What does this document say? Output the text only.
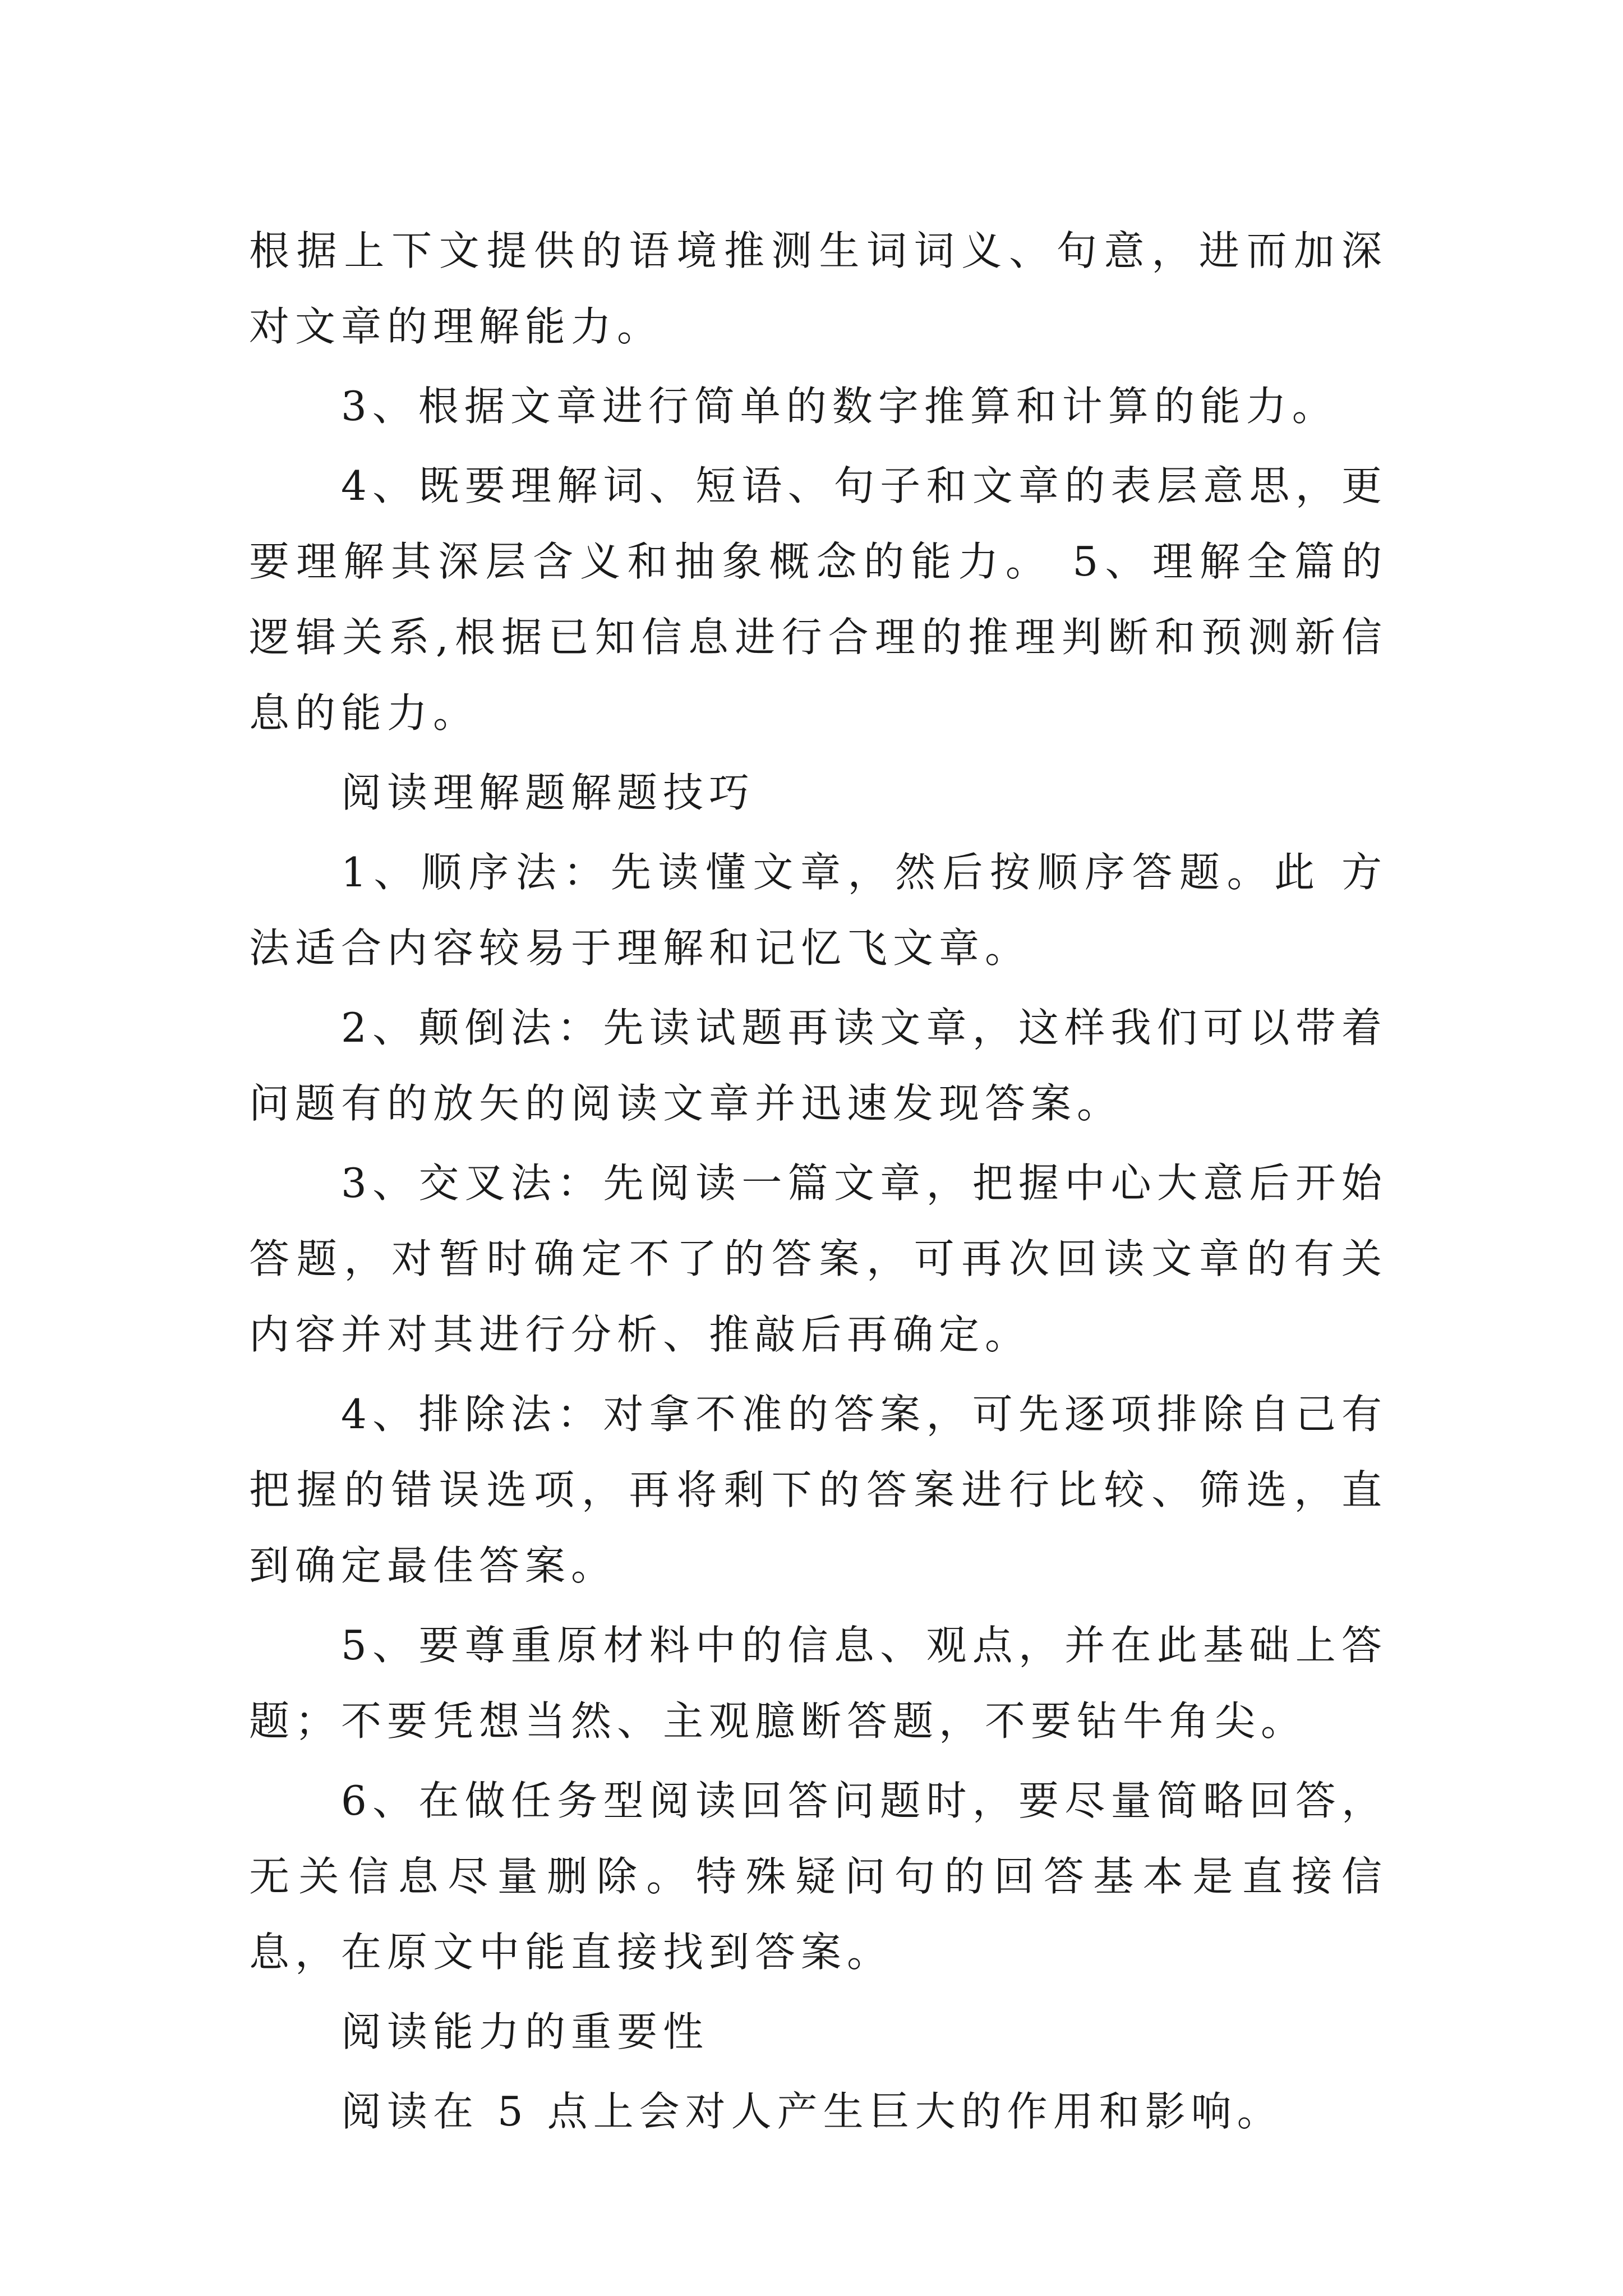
根据上下文提供的语境推测生词词义、句意，进而加深对文章的理解能力。

3、根据文章进行简单的数字推算和计算的能力。

4、既要理解词、短语、句子和文章的表层意思，更要理解其深层含义和抽象概念的能力。 5、理解全篇的逻辑关系,根据已知信息进行合理的推理判断和预测新信息的能力。

阅读理解题解题技巧

1、顺序法：先读懂文章，然后按顺序答题。此 方法适合内容较易于理解和记忆飞文章。

2、颠倒法：先读试题再读文章，这样我们可以带着问题有的放矢的阅读文章并迅速发现答案。

3、交叉法：先阅读一篇文章，把握中心大意后开始答题，对暂时确定不了的答案，可再次回读文章的有关内容并对其进行分析、推敲后再确定。

4、排除法：对拿不准的答案，可先逐项排除自己有把握的错误选项，再将剩下的答案进行比较、筛选，直到确定最佳答案。

5、要尊重原材料中的信息、观点，并在此基础上答题；不要凭想当然、主观臆断答题，不要钻牛角尖。

6、在做任务型阅读回答问题时，要尽量简略回答，无关信息尽量删除。特殊疑问句的回答基本是直接信息，在原文中能直接找到答案。

阅读能力的重要性

阅读在 5 点上会对人产生巨大的作用和影响。
